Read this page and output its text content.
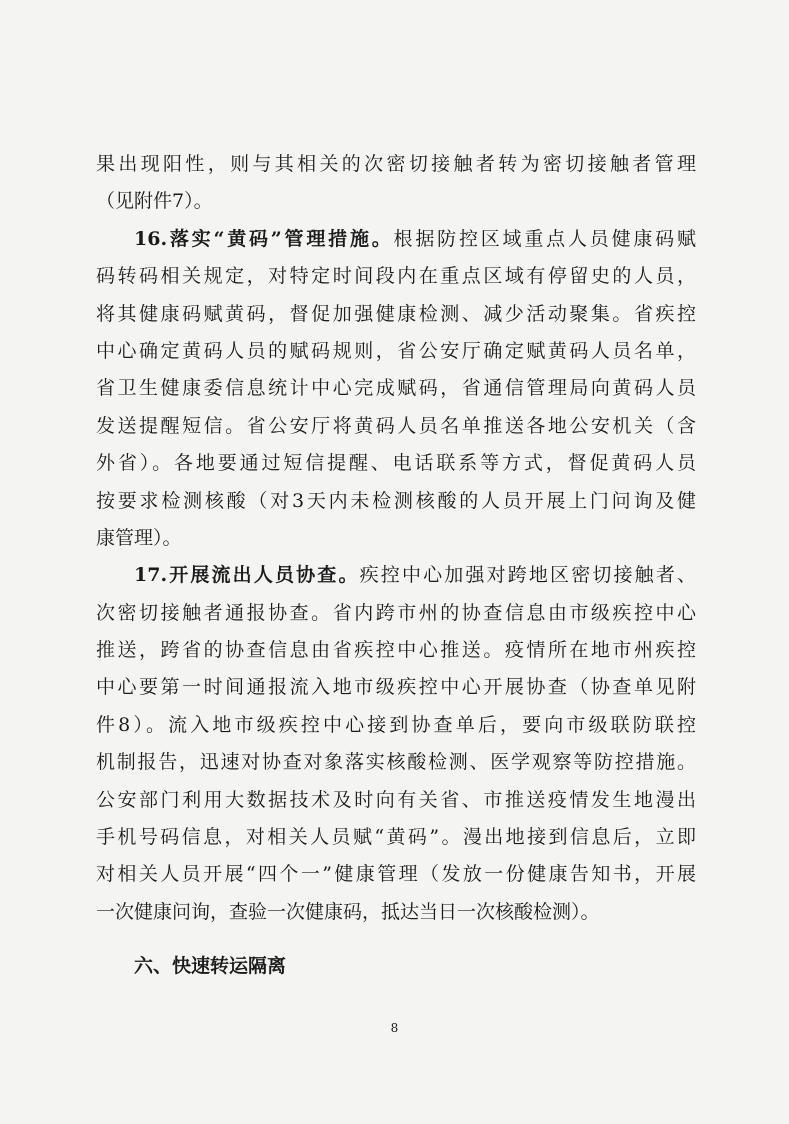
果出现阳性，则与其相关的次密切接触者转为密切接触者管理
（见附件7）。
16.落实“黄码”管理措施。根据防控区域重点人员健康码赋
码转码相关规定，对特定时间段内在重点区域有停留史的人员，
将其健康码赋黄码，督促加强健康检测、减少活动聚集。省疾控
中心确定黄码人员的赋码规则，省公安厅确定赋黄码人员名单，
省卫生健康委信息统计中心完成赋码，省通信管理局向黄码人员
发送提醒短信。省公安厅将黄码人员名单推送各地公安机关（含
外省）。各地要通过短信提醒、电话联系等方式，督促黄码人员
按要求检测核酸（对3天内未检测核酸的人员开展上门问询及健
康管理）。
17.开展流出人员协查。疾控中心加强对跨地区密切接触者、
次密切接触者通报协查。省内跨市州的协查信息由市级疾控中心
推送，跨省的协查信息由省疾控中心推送。疫情所在地市州疾控
中心要第一时间通报流入地市级疾控中心开展协查（协查单见附
件8）。流入地市级疾控中心接到协查单后，要向市级联防联控
机制报告，迅速对协查对象落实核酸检测、医学观察等防控措施。
公安部门利用大数据技术及时向有关省、市推送疫情发生地漫出
手机号码信息，对相关人员赋“黄码”。漫出地接到信息后，立即
对相关人员开展“四个一”健康管理（发放一份健康告知书，开展
一次健康问询，查验一次健康码，抵达当日一次核酸检测）。
六、快速转运隔离
8
